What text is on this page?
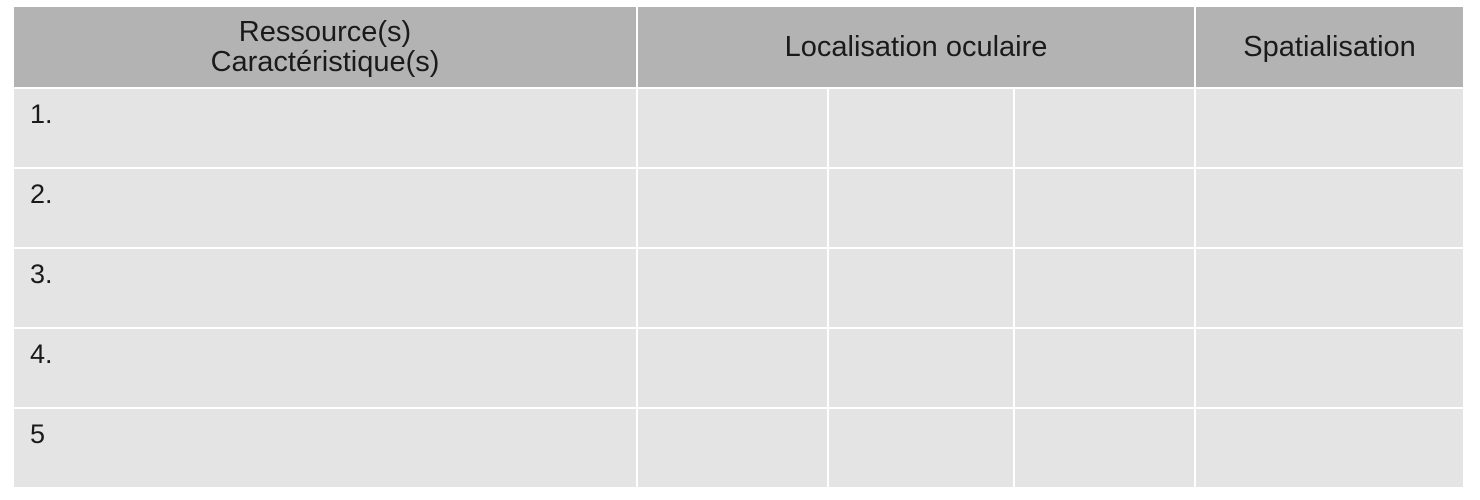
Ressource(s)
Caractéristique(s)	Localisation oculaire			Spatialisation
1.				
2.				
3.				
4.				
5				
